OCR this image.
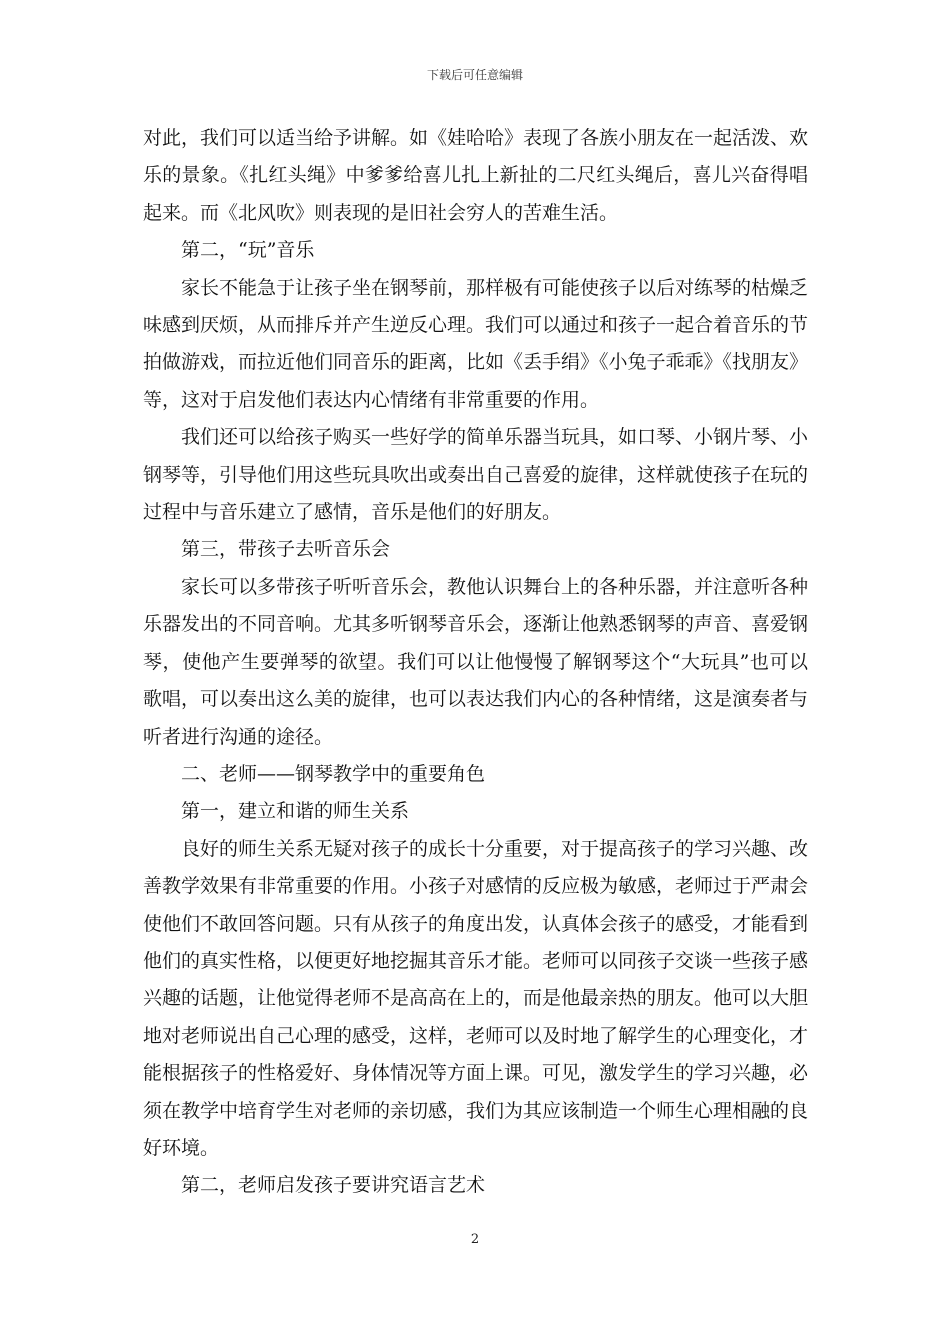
下载后可任意编辑

对此，我们可以适当给予讲解。如《娃哈哈》表现了各族小朋友在一起活泼、欢乐的景象。《扎红头绳》中爹爹给喜儿扎上新扯的二尺红头绳后，喜儿兴奋得唱起来。而《北风吹》则表现的是旧社会穷人的苦难生活。

第二，“玩”音乐

家长不能急于让孩子坐在钢琴前，那样极有可能使孩子以后对练琴的枯燥乏味感到厌烦，从而排斥并产生逆反心理。我们可以通过和孩子一起合着音乐的节拍做游戏，而拉近他们同音乐的距离，比如《丢手绢》《小兔子乖乖》《找朋友》等，这对于启发他们表达内心情绪有非常重要的作用。

我们还可以给孩子购买一些好学的简单乐器当玩具，如口琴、小钢片琴、小钢琴等，引导他们用这些玩具吹出或奏出自己喜爱的旋律，这样就使孩子在玩的过程中与音乐建立了感情，音乐是他们的好朋友。

第三，带孩子去听音乐会

家长可以多带孩子听听音乐会，教他认识舞台上的各种乐器，并注意听各种乐器发出的不同音响。尤其多听钢琴音乐会，逐渐让他熟悉钢琴的声音、喜爱钢琴，使他产生要弹琴的欲望。我们可以让他慢慢了解钢琴这个“大玩具”也可以歌唱，可以奏出这么美的旋律，也可以表达我们内心的各种情绪，这是演奏者与听者进行沟通的途径。

二、老师——钢琴教学中的重要角色

第一，建立和谐的师生关系

良好的师生关系无疑对孩子的成长十分重要，对于提高孩子的学习兴趣、改善教学效果有非常重要的作用。小孩子对感情的反应极为敏感，老师过于严肃会使他们不敢回答问题。只有从孩子的角度出发，认真体会孩子的感受，才能看到他们的真实性格，以便更好地挖掘其音乐才能。老师可以同孩子交谈一些孩子感兴趣的话题，让他觉得老师不是高高在上的，而是他最亲热的朋友。他可以大胆地对老师说出自己心理的感受，这样，老师可以及时地了解学生的心理变化，才能根据孩子的性格爱好、身体情况等方面上课。可见，激发学生的学习兴趣，必须在教学中培育学生对老师的亲切感，我们为其应该制造一个师生心理相融的良好环境。

第二，老师启发孩子要讲究语言艺术

2
